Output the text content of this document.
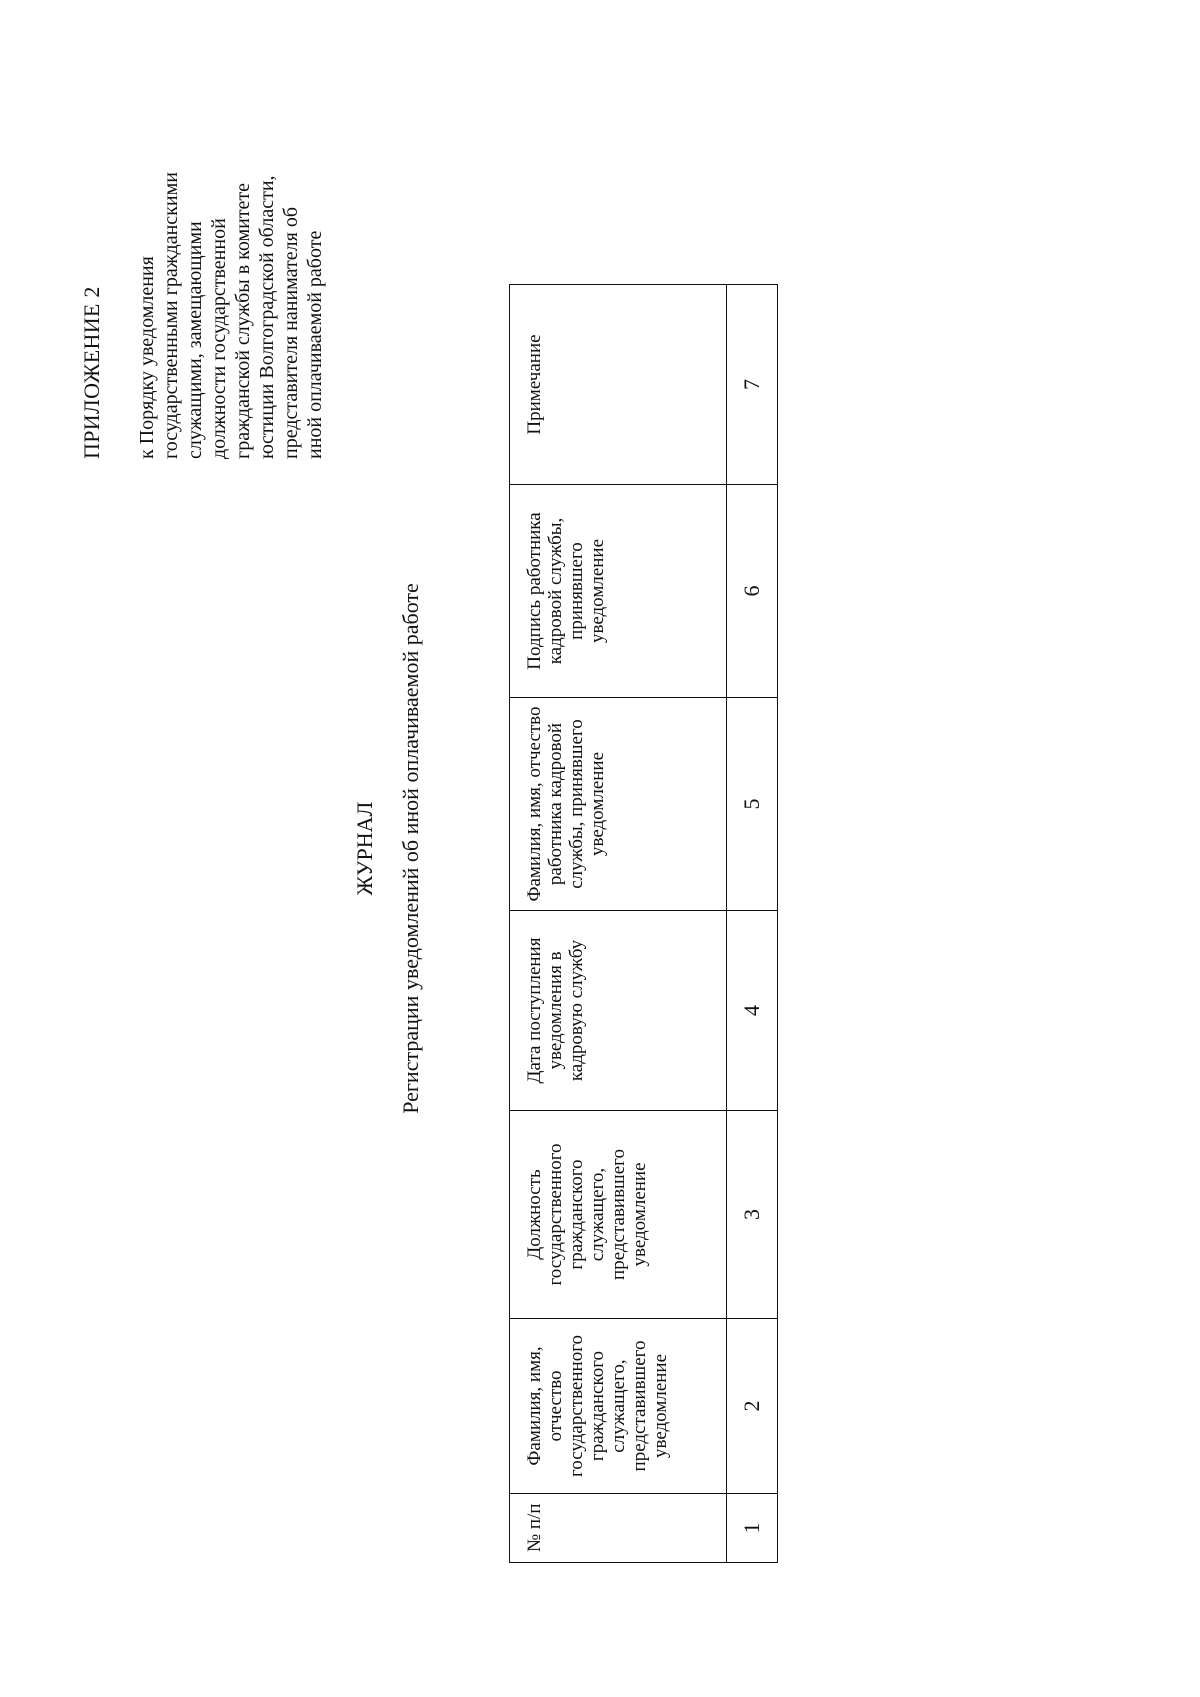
ПРИЛОЖЕНИЕ 2 к Порядку уведомления государственными гражданскими служащими, замещающими должности государственной гражданской службы в комитете юстиции Волгоградской области, представителя нанимателя об иной оплачиваемой работе

ЖУРНАЛ Регистрации уведомлений об иной оплачиваемой работе
№ п/п	Фамилия, имя, отчество государственного гражданского служащего, представившего уведомление	Должность государственного гражданского служащего, представившего уведомление	Дата поступления уведомления в кадровую службу	Фамилия, имя, отчество работника кадровой службы, принявшего уведомление	Подпись работника кадровой службы, принявшего уведомление	Примечание
1	2	3	4	5	6	7
